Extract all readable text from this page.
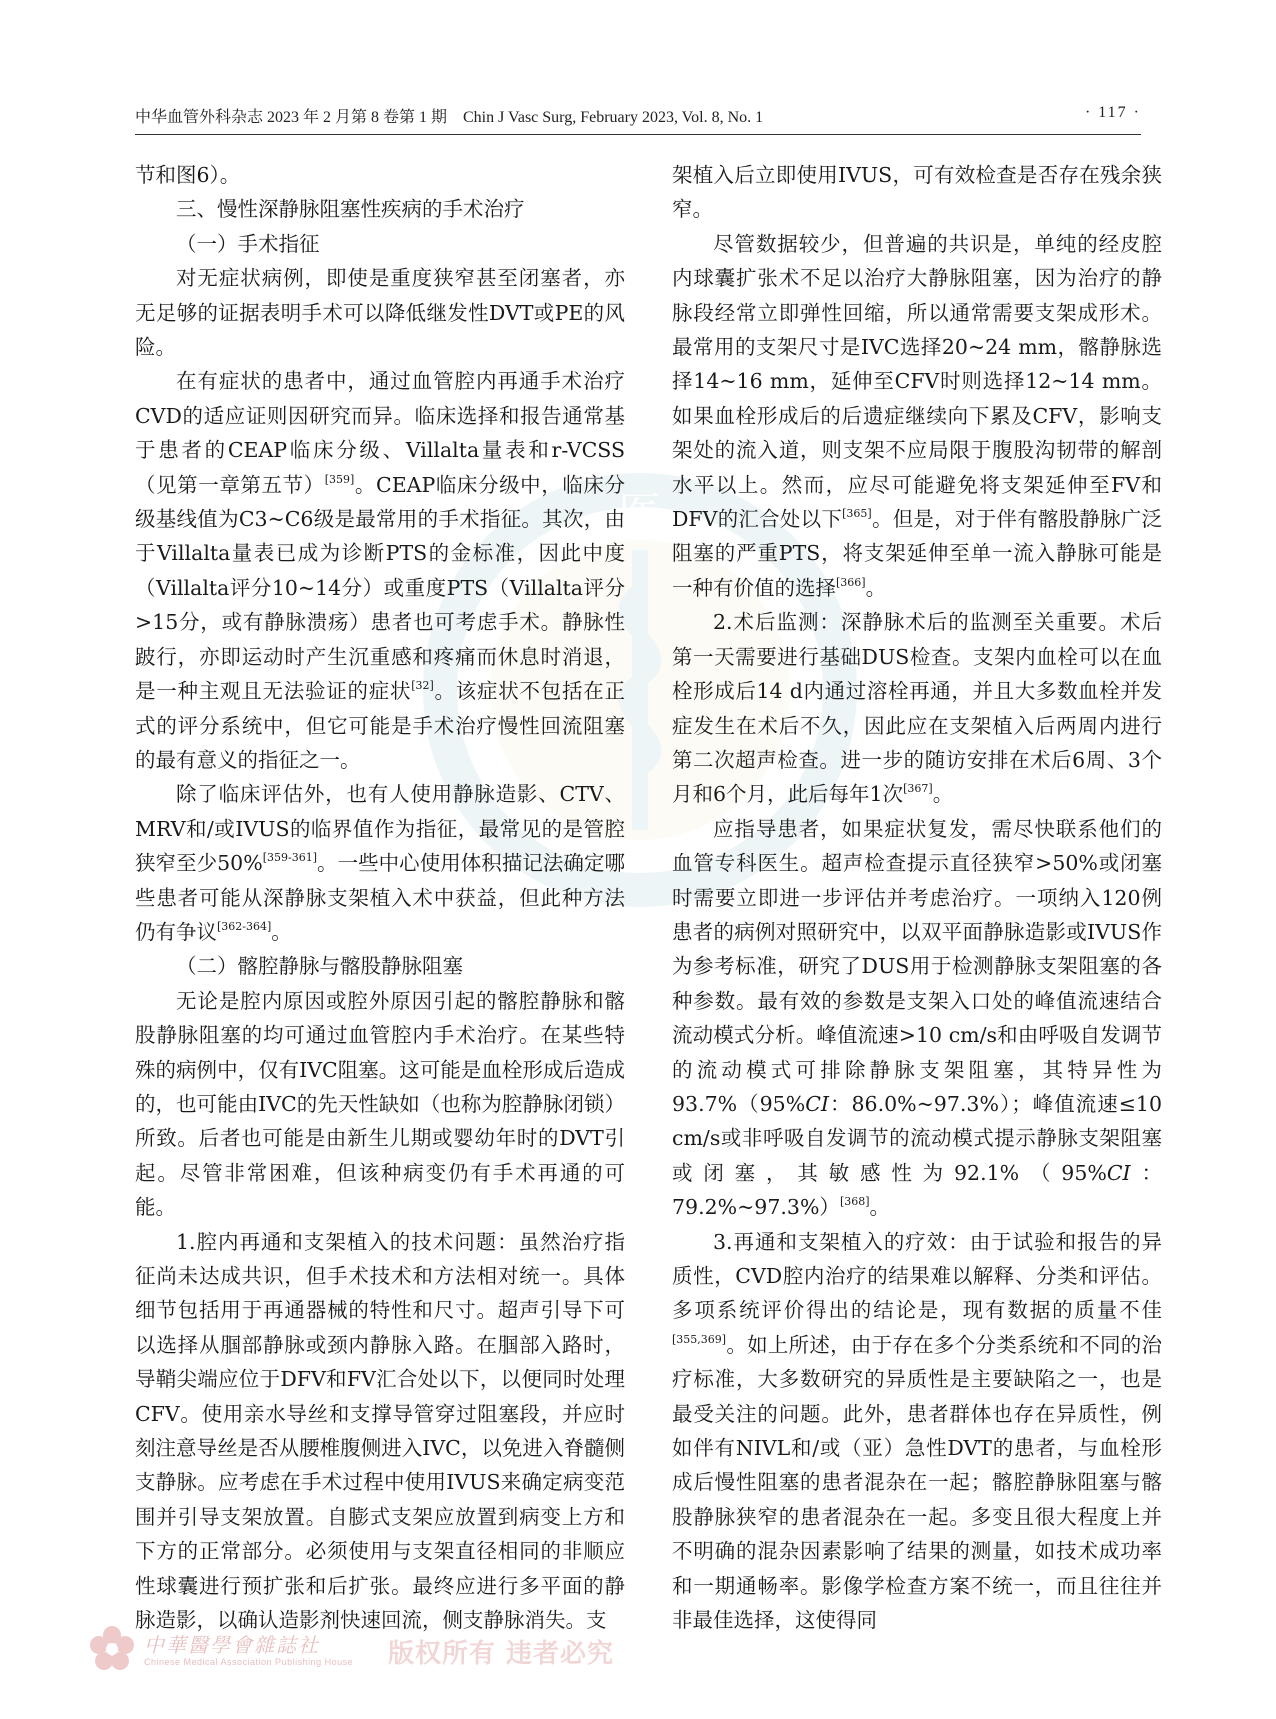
中华血管外科杂志 2023 年 2 月第 8 卷第 1 期　Chin J Vasc Surg, February 2023, Vol. 8, No. 1	· 117 ·
医
1915

节和图6）。

三、慢性深静脉阻塞性疾病的手术治疗

（一）手术指征

对无症状病例，即使是重度狭窄甚至闭塞者，亦无足够的证据表明手术可以降低继发性DVT或PE的风险。

在有症状的患者中，通过血管腔内再通手术治疗CVD的适应证则因研究而异。临床选择和报告通常基于患者的CEAP临床分级、Villalta量表和r-VCSS（见第一章第五节）[359]。CEAP临床分级中，临床分级基线值为C3~C6级是最常用的手术指征。其次，由于Villalta量表已成为诊断PTS的金标准，因此中度（Villalta评分10~14分）或重度PTS（Villalta评分>15分，或有静脉溃疡）患者也可考虑手术。静脉性跛行，亦即运动时产生沉重感和疼痛而休息时消退，是一种主观且无法验证的症状[32]。该症状不包括在正式的评分系统中，但它可能是手术治疗慢性回流阻塞的最有意义的指征之一。

除了临床评估外，也有人使用静脉造影、CTV、MRV和/或IVUS的临界值作为指征，最常见的是管腔狭窄至少50%[359-361]。一些中心使用体积描记法确定哪些患者可能从深静脉支架植入术中获益，但此种方法仍有争议[362-364]。

（二）髂腔静脉与髂股静脉阻塞

无论是腔内原因或腔外原因引起的髂腔静脉和髂股静脉阻塞的均可通过血管腔内手术治疗。在某些特殊的病例中，仅有IVC阻塞。这可能是血栓形成后造成的，也可能由IVC的先天性缺如（也称为腔静脉闭锁）所致。后者也可能是由新生儿期或婴幼年时的DVT引起。尽管非常困难，但该种病变仍有手术再通的可能。

1.腔内再通和支架植入的技术问题：虽然治疗指征尚未达成共识，但手术技术和方法相对统一。具体细节包括用于再通器械的特性和尺寸。超声引导下可以选择从腘部静脉或颈内静脉入路。在腘部入路时，导鞘尖端应位于DFV和FV汇合处以下，以便同时处理CFV。使用亲水导丝和支撑导管穿过阻塞段，并应时刻注意导丝是否从腰椎腹侧进入IVC，以免进入脊髓侧支静脉。应考虑在手术过程中使用IVUS来确定病变范围并引导支架放置。自膨式支架应放置到病变上方和下方的正常部分。必须使用与支架直径相同的非顺应性球囊进行预扩张和后扩张。最终应进行多平面的静脉造影，以确认造影剂快速回流，侧支静脉消失。支

架植入后立即使用IVUS，可有效检查是否存在残余狭窄。

尽管数据较少，但普遍的共识是，单纯的经皮腔内球囊扩张术不足以治疗大静脉阻塞，因为治疗的静脉段经常立即弹性回缩，所以通常需要支架成形术。最常用的支架尺寸是IVC选择20~24 mm，髂静脉选择14~16 mm，延伸至CFV时则选择12~14 mm。如果血栓形成后的后遗症继续向下累及CFV，影响支架处的流入道，则支架不应局限于腹股沟韧带的解剖水平以上。然而，应尽可能避免将支架延伸至FV和DFV的汇合处以下[365]。但是，对于伴有髂股静脉广泛阻塞的严重PTS，将支架延伸至单一流入静脉可能是一种有价值的选择[366]。

2.术后监测：深静脉术后的监测至关重要。术后第一天需要进行基础DUS检查。支架内血栓可以在血栓形成后14 d内通过溶栓再通，并且大多数血栓并发症发生在术后不久，因此应在支架植入后两周内进行第二次超声检查。进一步的随访安排在术后6周、3个月和6个月，此后每年1次[367]。

应指导患者，如果症状复发，需尽快联系他们的血管专科医生。超声检查提示直径狭窄>50%或闭塞时需要立即进一步评估并考虑治疗。一项纳入120例患者的病例对照研究中，以双平面静脉造影或IVUS作为参考标准，研究了DUS用于检测静脉支架阻塞的各种参数。最有效的参数是支架入口处的峰值流速结合流动模式分析。峰值流速>10 cm/s和由呼吸自发调节的流动模式可排除静脉支架阻塞，其特异性为93.7%（95%CI：86.0%~97.3%）；峰值流速≤10 cm/s或非呼吸自发调节的流动模式提示静脉支架阻塞或闭塞，其敏感性为92.1%（95%CI：79.2%~97.3%）[368]。

3.再通和支架植入的疗效：由于试验和报告的异质性，CVD腔内治疗的结果难以解释、分类和评估。多项系统评价得出的结论是，现有数据的质量不佳[355,369]。如上所述，由于存在多个分类系统和不同的治疗标准，大多数研究的异质性是主要缺陷之一，也是最受关注的问题。此外，患者群体也存在异质性，例如伴有NIVL和/或（亚）急性DVT的患者，与血栓形成后慢性阻塞的患者混杂在一起；髂腔静脉阻塞与髂股静脉狭窄的患者混杂在一起。多变且很大程度上并不明确的混杂因素影响了结果的测量，如技术成功率和一期通畅率。影像学检查方案不统一，而且往往并非最佳选择，这使得同

中華醫學會雜誌社
Chinese Medical Association Publishing House 版权所有 违者必究
